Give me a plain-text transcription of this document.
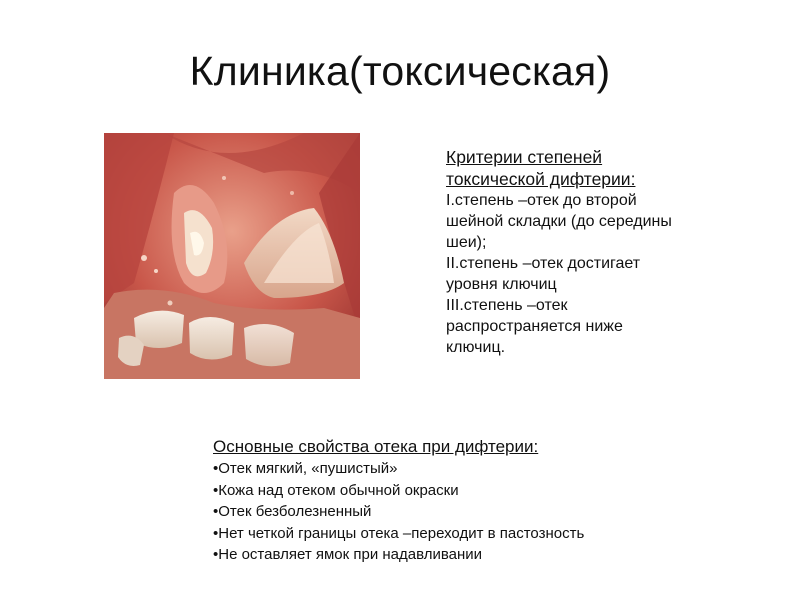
Клиника(токсическая)
Критерии степеней
токсической дифтерии:
I.степень –отек до второй
шейной складки (до середины
шеи);
II.степень –отек достигает
уровня ключиц
III.степень –отек
распространяется ниже
ключиц.
Основные свойства отека при дифтерии:
•Отек мягкий, «пушистый»
•Кожа над отеком обычной окраски
•Отек безболезненный
•Нет четкой границы отека –переходит в пастозность
•Не оставляет ямок при надавливании
